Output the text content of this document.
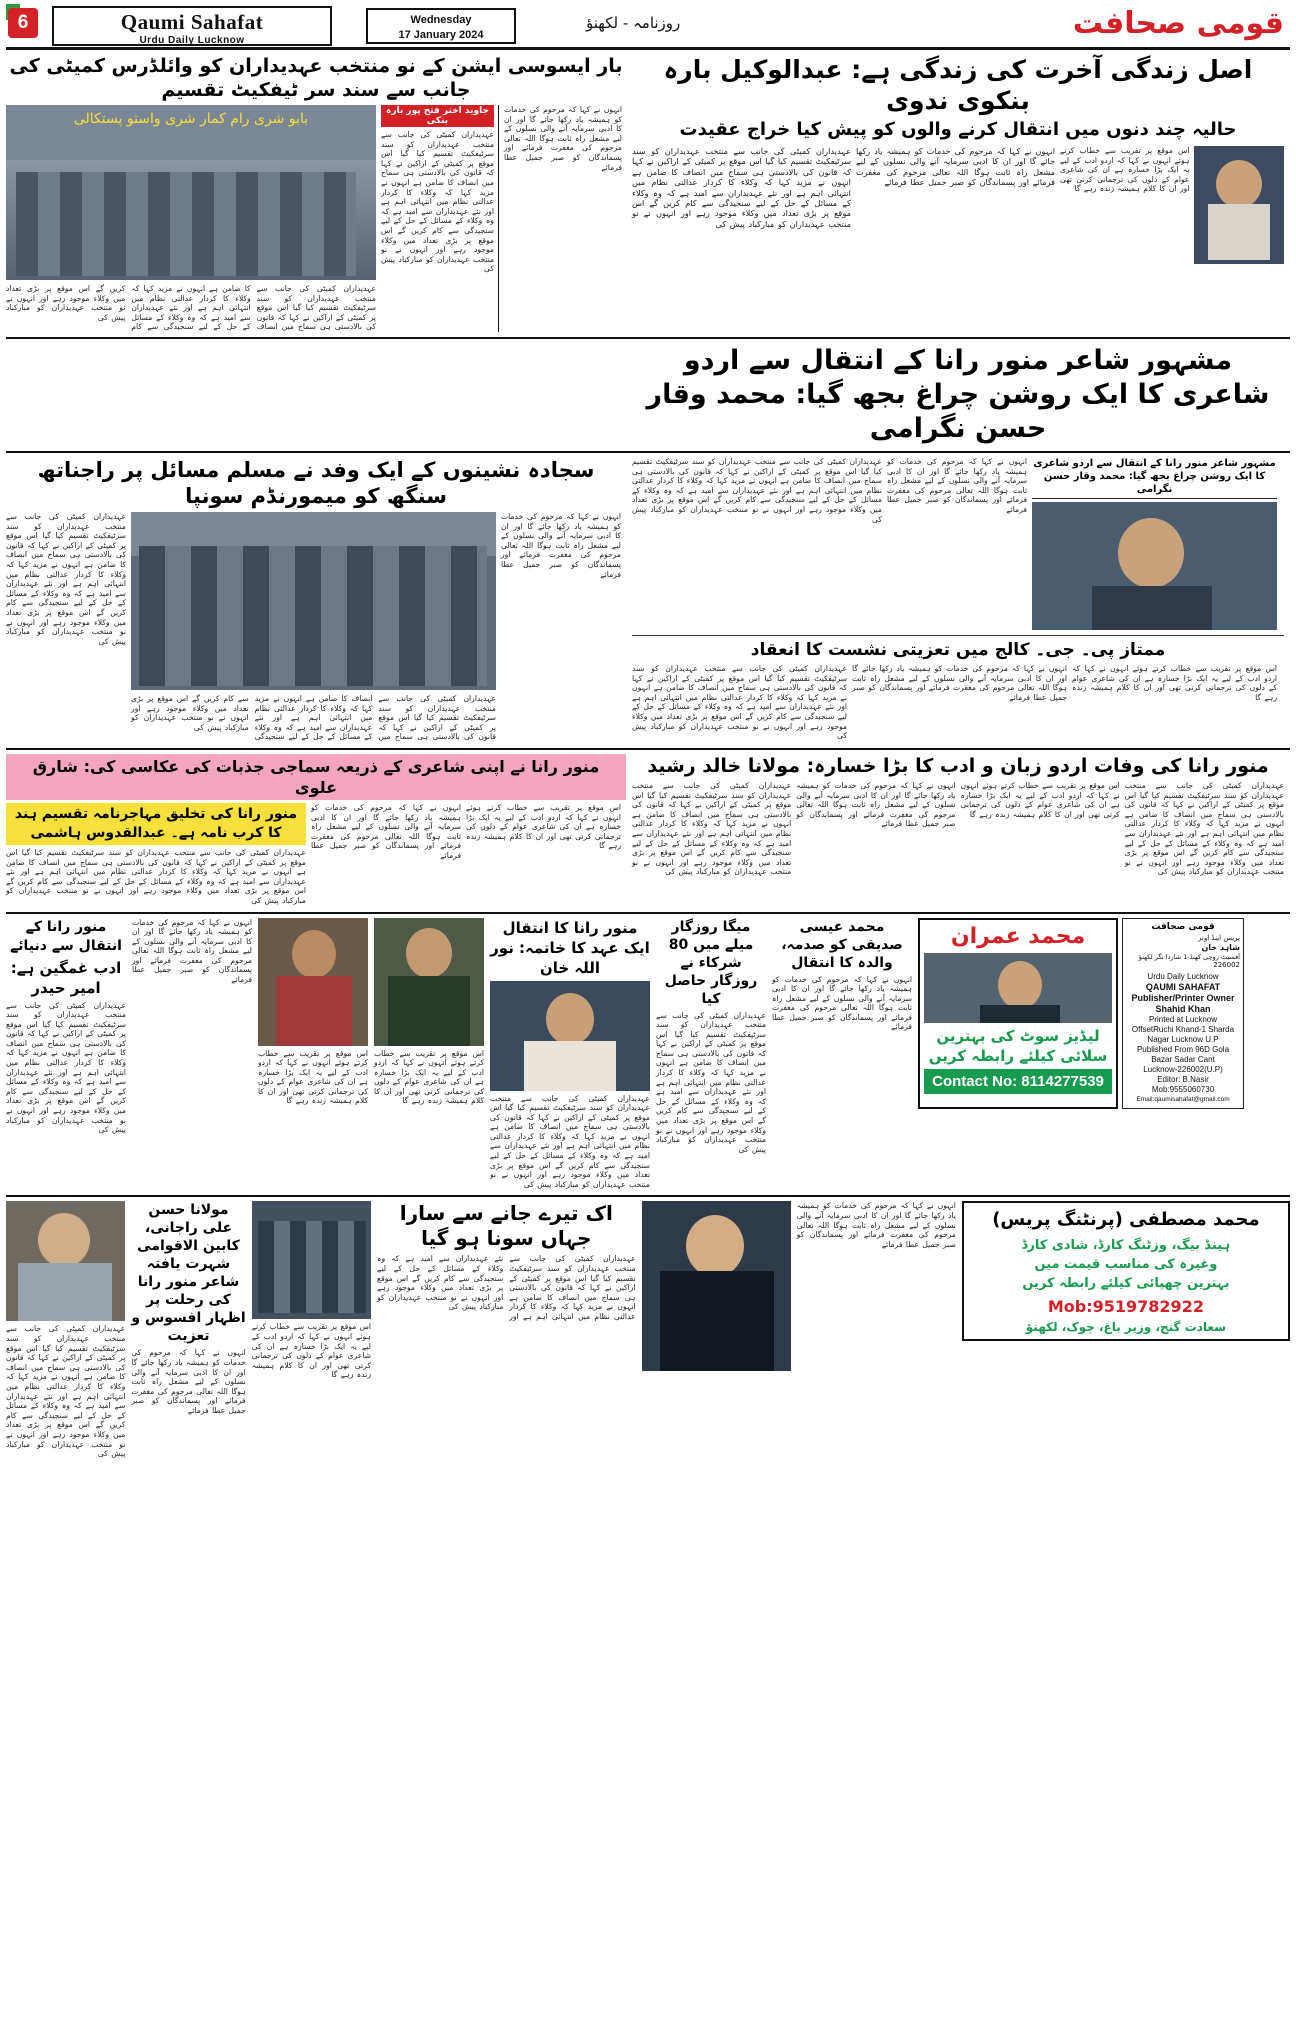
6	Qaumi Sahafat
Urdu Daily Lucknow
Wednesday
17 January 2024
روزنامہ - لکھنؤ	قومی صحافت
بار ایسوسی ایشن کے نو منتخب عہدیداران کو وائلڈرس کمیٹی کی جانب سے سند سر ٹیفکیٹ تقسیم
بابو شری رام کمار شری واستو پستکالی
عہدیداران کمیٹی کی جانب سے منتخب عہدیداران کو سند سرٹیفکیٹ تقسیم کیا گیا اس موقع پر کمیٹی کے اراکین نے کہا کہ قانون کی بالادستی ہی سماج میں انصاف کا ضامن ہے انہوں نے مزید کہا کہ وکلاء کا کردار عدالتی نظام میں انتہائی اہم ہے اور نئے عہدیداران سے امید ہے کہ وہ وکلاء کے مسائل کے حل کے لیے سنجیدگی سے کام کریں گے اس موقع پر بڑی تعداد میں وکلاء موجود رہے اور انہوں نے نو منتخب عہدیداران کو مبارکباد پیش کی
جاوید اختر فتح پور بارہ بنکی
عہدیداران کمیٹی کی جانب سے منتخب عہدیداران کو سند سرٹیفکیٹ تقسیم کیا گیا اس موقع پر کمیٹی کے اراکین نے کہا کہ قانون کی بالادستی ہی سماج میں انصاف کا ضامن ہے انہوں نے مزید کہا کہ وکلاء کا کردار عدالتی نظام میں انتہائی اہم ہے اور نئے عہدیداران سے امید ہے کہ وہ وکلاء کے مسائل کے حل کے لیے سنجیدگی سے کام کریں گے اس موقع پر بڑی تعداد میں وکلاء موجود رہے اور انہوں نے نو منتخب عہدیداران کو مبارکباد پیش کی
انہوں نے کہا کہ مرحوم کی خدمات کو ہمیشہ یاد رکھا جائے گا اور ان کا ادبی سرمایہ آنے والی نسلوں کے لیے مشعل راہ ثابت ہوگا اللہ تعالی مرحوم کی مغفرت فرمائے اور پسماندگان کو صبر جمیل عطا فرمائے
اصل زندگی آخرت کی زندگی ہے: عبدالوکیل بارہ بنکوی ندوی
حالیہ چند دنوں میں انتقال کرنے والوں کو پیش کیا خراج عقیدت
عہدیداران کمیٹی کی جانب سے منتخب عہدیداران کو سند سرٹیفکیٹ تقسیم کیا گیا اس موقع پر کمیٹی کے اراکین نے کہا کہ قانون کی بالادستی ہی سماج میں انصاف کا ضامن ہے انہوں نے مزید کہا کہ وکلاء کا کردار عدالتی نظام میں انتہائی اہم ہے اور نئے عہدیداران سے امید ہے کہ وہ وکلاء کے مسائل کے حل کے لیے سنجیدگی سے کام کریں گے اس موقع پر بڑی تعداد میں وکلاء موجود رہے اور انہوں نے نو منتخب عہدیداران کو مبارکباد پیش کی
انہوں نے کہا کہ مرحوم کی خدمات کو ہمیشہ یاد رکھا جائے گا اور ان کا ادبی سرمایہ آنے والی نسلوں کے لیے مشعل راہ ثابت ہوگا اللہ تعالی مرحوم کی مغفرت فرمائے اور پسماندگان کو صبر جمیل عطا فرمائے
اس موقع پر تقریب سے خطاب کرتے ہوئے انہوں نے کہا کہ اردو ادب کے لیے یہ ایک بڑا خسارہ ہے ان کی شاعری عوام کے دلوں کی ترجمانی کرتی تھی اور ان کا کلام ہمیشہ زندہ رہے گا
مشہور شاعر منور رانا کے انتقال سے اردو شاعری کا ایک روشن چراغ بجھ گیا: محمد وقار حسن نگرامی
سجادہ نشینوں کے ایک وفد نے مسلم مسائل پر راجناتھ سنگھ کو میمورنڈم سونپا
عہدیداران کمیٹی کی جانب سے منتخب عہدیداران کو سند سرٹیفکیٹ تقسیم کیا گیا اس موقع پر کمیٹی کے اراکین نے کہا کہ قانون کی بالادستی ہی سماج میں انصاف کا ضامن ہے انہوں نے مزید کہا کہ وکلاء کا کردار عدالتی نظام میں انتہائی اہم ہے اور نئے عہدیداران سے امید ہے کہ وہ وکلاء کے مسائل کے حل کے لیے سنجیدگی سے کام کریں گے اس موقع پر بڑی تعداد میں وکلاء موجود رہے اور انہوں نے نو منتخب عہدیداران کو مبارکباد پیش کی
عہدیداران کمیٹی کی جانب سے منتخب عہدیداران کو سند سرٹیفکیٹ تقسیم کیا گیا اس موقع پر کمیٹی کے اراکین نے کہا کہ قانون کی بالادستی ہی سماج میں انصاف کا ضامن ہے انہوں نے مزید کہا کہ وکلاء کا کردار عدالتی نظام میں انتہائی اہم ہے اور نئے عہدیداران سے امید ہے کہ وہ وکلاء کے مسائل کے حل کے لیے سنجیدگی سے کام کریں گے اس موقع پر بڑی تعداد میں وکلاء موجود رہے اور انہوں نے نو منتخب عہدیداران کو مبارکباد پیش کی
انہوں نے کہا کہ مرحوم کی خدمات کو ہمیشہ یاد رکھا جائے گا اور ان کا ادبی سرمایہ آنے والی نسلوں کے لیے مشعل راہ ثابت ہوگا اللہ تعالی مرحوم کی مغفرت فرمائے اور پسماندگان کو صبر جمیل عطا فرمائے
عہدیداران کمیٹی کی جانب سے منتخب عہدیداران کو سند سرٹیفکیٹ تقسیم کیا گیا اس موقع پر کمیٹی کے اراکین نے کہا کہ قانون کی بالادستی ہی سماج میں انصاف کا ضامن ہے انہوں نے مزید کہا کہ وکلاء کا کردار عدالتی نظام میں انتہائی اہم ہے اور نئے عہدیداران سے امید ہے کہ وہ وکلاء کے مسائل کے حل کے لیے سنجیدگی سے کام کریں گے اس موقع پر بڑی تعداد میں وکلاء موجود رہے اور انہوں نے نو منتخب عہدیداران کو مبارکباد پیش کی
انہوں نے کہا کہ مرحوم کی خدمات کو ہمیشہ یاد رکھا جائے گا اور ان کا ادبی سرمایہ آنے والی نسلوں کے لیے مشعل راہ ثابت ہوگا اللہ تعالی مرحوم کی مغفرت فرمائے اور پسماندگان کو صبر جمیل عطا فرمائے
مشہور شاعر منور رانا کے انتقال سے اردو شاعری کا ایک روشن چراغ بجھ گیا: محمد وقار حسن نگرامی
ممتاز پی۔ جی۔ کالج میں تعزیتی نشست کا انعقاد
عہدیداران کمیٹی کی جانب سے منتخب عہدیداران کو سند سرٹیفکیٹ تقسیم کیا گیا اس موقع پر کمیٹی کے اراکین نے کہا کہ قانون کی بالادستی ہی سماج میں انصاف کا ضامن ہے انہوں نے مزید کہا کہ وکلاء کا کردار عدالتی نظام میں انتہائی اہم ہے اور نئے عہدیداران سے امید ہے کہ وہ وکلاء کے مسائل کے حل کے لیے سنجیدگی سے کام کریں گے اس موقع پر بڑی تعداد میں وکلاء موجود رہے اور انہوں نے نو منتخب عہدیداران کو مبارکباد پیش کی
انہوں نے کہا کہ مرحوم کی خدمات کو ہمیشہ یاد رکھا جائے گا اور ان کا ادبی سرمایہ آنے والی نسلوں کے لیے مشعل راہ ثابت ہوگا اللہ تعالی مرحوم کی مغفرت فرمائے اور پسماندگان کو صبر جمیل عطا فرمائے
اس موقع پر تقریب سے خطاب کرتے ہوئے انہوں نے کہا کہ اردو ادب کے لیے یہ ایک بڑا خسارہ ہے ان کی شاعری عوام کے دلوں کی ترجمانی کرتی تھی اور ان کا کلام ہمیشہ زندہ رہے گا
منور رانا نے اپنی شاعری کے ذریعہ سماجی جذبات کی عکاسی کی: شارق علوی
منور رانا کی تخلیق مہاجرنامہ تقسیم ہند کا کرب نامہ ہے۔ عبدالقدوس ہاشمی
عہدیداران کمیٹی کی جانب سے منتخب عہدیداران کو سند سرٹیفکیٹ تقسیم کیا گیا اس موقع پر کمیٹی کے اراکین نے کہا کہ قانون کی بالادستی ہی سماج میں انصاف کا ضامن ہے انہوں نے مزید کہا کہ وکلاء کا کردار عدالتی نظام میں انتہائی اہم ہے اور نئے عہدیداران سے امید ہے کہ وہ وکلاء کے مسائل کے حل کے لیے سنجیدگی سے کام کریں گے اس موقع پر بڑی تعداد میں وکلاء موجود رہے اور انہوں نے نو منتخب عہدیداران کو مبارکباد پیش کی
انہوں نے کہا کہ مرحوم کی خدمات کو ہمیشہ یاد رکھا جائے گا اور ان کا ادبی سرمایہ آنے والی نسلوں کے لیے مشعل راہ ثابت ہوگا اللہ تعالی مرحوم کی مغفرت فرمائے اور پسماندگان کو صبر جمیل عطا فرمائے
اس موقع پر تقریب سے خطاب کرتے ہوئے انہوں نے کہا کہ اردو ادب کے لیے یہ ایک بڑا خسارہ ہے ان کی شاعری عوام کے دلوں کی ترجمانی کرتی تھی اور ان کا کلام ہمیشہ زندہ رہے گا
منور رانا کی وفات اردو زبان و ادب کا بڑا خسارہ: مولانا خالد رشید
عہدیداران کمیٹی کی جانب سے منتخب عہدیداران کو سند سرٹیفکیٹ تقسیم کیا گیا اس موقع پر کمیٹی کے اراکین نے کہا کہ قانون کی بالادستی ہی سماج میں انصاف کا ضامن ہے انہوں نے مزید کہا کہ وکلاء کا کردار عدالتی نظام میں انتہائی اہم ہے اور نئے عہدیداران سے امید ہے کہ وہ وکلاء کے مسائل کے حل کے لیے سنجیدگی سے کام کریں گے اس موقع پر بڑی تعداد میں وکلاء موجود رہے اور انہوں نے نو منتخب عہدیداران کو مبارکباد پیش کی
انہوں نے کہا کہ مرحوم کی خدمات کو ہمیشہ یاد رکھا جائے گا اور ان کا ادبی سرمایہ آنے والی نسلوں کے لیے مشعل راہ ثابت ہوگا اللہ تعالی مرحوم کی مغفرت فرمائے اور پسماندگان کو صبر جمیل عطا فرمائے
اس موقع پر تقریب سے خطاب کرتے ہوئے انہوں نے کہا کہ اردو ادب کے لیے یہ ایک بڑا خسارہ ہے ان کی شاعری عوام کے دلوں کی ترجمانی کرتی تھی اور ان کا کلام ہمیشہ زندہ رہے گا
عہدیداران کمیٹی کی جانب سے منتخب عہدیداران کو سند سرٹیفکیٹ تقسیم کیا گیا اس موقع پر کمیٹی کے اراکین نے کہا کہ قانون کی بالادستی ہی سماج میں انصاف کا ضامن ہے انہوں نے مزید کہا کہ وکلاء کا کردار عدالتی نظام میں انتہائی اہم ہے اور نئے عہدیداران سے امید ہے کہ وہ وکلاء کے مسائل کے حل کے لیے سنجیدگی سے کام کریں گے اس موقع پر بڑی تعداد میں وکلاء موجود رہے اور انہوں نے نو منتخب عہدیداران کو مبارکباد پیش کی
منور رانا کے انتقال سے دنیائے
ادب غمگین ہے: امیر حیدر
عہدیداران کمیٹی کی جانب سے منتخب عہدیداران کو سند سرٹیفکیٹ تقسیم کیا گیا اس موقع پر کمیٹی کے اراکین نے کہا کہ قانون کی بالادستی ہی سماج میں انصاف کا ضامن ہے انہوں نے مزید کہا کہ وکلاء کا کردار عدالتی نظام میں انتہائی اہم ہے اور نئے عہدیداران سے امید ہے کہ وہ وکلاء کے مسائل کے حل کے لیے سنجیدگی سے کام کریں گے اس موقع پر بڑی تعداد میں وکلاء موجود رہے اور انہوں نے نو منتخب عہدیداران کو مبارکباد پیش کی
انہوں نے کہا کہ مرحوم کی خدمات کو ہمیشہ یاد رکھا جائے گا اور ان کا ادبی سرمایہ آنے والی نسلوں کے لیے مشعل راہ ثابت ہوگا اللہ تعالی مرحوم کی مغفرت فرمائے اور پسماندگان کو صبر جمیل عطا فرمائے
اس موقع پر تقریب سے خطاب کرتے ہوئے انہوں نے کہا کہ اردو ادب کے لیے یہ ایک بڑا خسارہ ہے ان کی شاعری عوام کے دلوں کی ترجمانی کرتی تھی اور ان کا کلام ہمیشہ زندہ رہے گا
اس موقع پر تقریب سے خطاب کرتے ہوئے انہوں نے کہا کہ اردو ادب کے لیے یہ ایک بڑا خسارہ ہے ان کی شاعری عوام کے دلوں کی ترجمانی کرتی تھی اور ان کا کلام ہمیشہ زندہ رہے گا
منور رانا کا انتقال ایک عہد کا خاتمہ: نور اللہ خان
عہدیداران کمیٹی کی جانب سے منتخب عہدیداران کو سند سرٹیفکیٹ تقسیم کیا گیا اس موقع پر کمیٹی کے اراکین نے کہا کہ قانون کی بالادستی ہی سماج میں انصاف کا ضامن ہے انہوں نے مزید کہا کہ وکلاء کا کردار عدالتی نظام میں انتہائی اہم ہے اور نئے عہدیداران سے امید ہے کہ وہ وکلاء کے مسائل کے حل کے لیے سنجیدگی سے کام کریں گے اس موقع پر بڑی تعداد میں وکلاء موجود رہے اور انہوں نے نو منتخب عہدیداران کو مبارکباد پیش کی
میگا روزگار میلے میں 80 شرکاء نے روزگار حاصل کیا
عہدیداران کمیٹی کی جانب سے منتخب عہدیداران کو سند سرٹیفکیٹ تقسیم کیا گیا اس موقع پر کمیٹی کے اراکین نے کہا کہ قانون کی بالادستی ہی سماج میں انصاف کا ضامن ہے انہوں نے مزید کہا کہ وکلاء کا کردار عدالتی نظام میں انتہائی اہم ہے اور نئے عہدیداران سے امید ہے کہ وہ وکلاء کے مسائل کے حل کے لیے سنجیدگی سے کام کریں گے اس موقع پر بڑی تعداد میں وکلاء موجود رہے اور انہوں نے نو منتخب عہدیداران کو مبارکباد پیش کی
محمد عیسی صدیقی کو صدمہ، والدہ کا انتقال
انہوں نے کہا کہ مرحوم کی خدمات کو ہمیشہ یاد رکھا جائے گا اور ان کا ادبی سرمایہ آنے والی نسلوں کے لیے مشعل راہ ثابت ہوگا اللہ تعالی مرحوم کی مغفرت فرمائے اور پسماندگان کو صبر جمیل عطا فرمائے
محمد عمران
لیڈیز سوٹ کی بہترین
سلائی کیلئے رابطہ کریں
Contact No: 8114277539
قومی صحافت
پریس اینڈ اونر
شاہد خان
آفسیٹ روچی کھنڈ-1 شاردا نگر لکھنؤ
226002
Urdu Daily Lucknow
QAUMI SAHAFAT
Publisher/Printer Owner
Shahid Khan
Printed at Lucknow
OffsetRuchi Khand-1 Sharda
Nagar Lucknow U.P
Published From 96D Gola
Bazar Sadar Cant
Lucknow-226002(U.P)
Editor: B.Nasir
Mob:9555060730
Email:qaumisahafat@gmail.com
عہدیداران کمیٹی کی جانب سے منتخب عہدیداران کو سند سرٹیفکیٹ تقسیم کیا گیا اس موقع پر کمیٹی کے اراکین نے کہا کہ قانون کی بالادستی ہی سماج میں انصاف کا ضامن ہے انہوں نے مزید کہا کہ وکلاء کا کردار عدالتی نظام میں انتہائی اہم ہے اور نئے عہدیداران سے امید ہے کہ وہ وکلاء کے مسائل کے حل کے لیے سنجیدگی سے کام کریں گے اس موقع پر بڑی تعداد میں وکلاء موجود رہے اور انہوں نے نو منتخب عہدیداران کو مبارکباد پیش کی
مولانا حسن علی راجانی، کابین الاقوامی شہرت یافتہ شاعر منور رانا کی رحلت پر اظہار افسوس و تعزیت
انہوں نے کہا کہ مرحوم کی خدمات کو ہمیشہ یاد رکھا جائے گا اور ان کا ادبی سرمایہ آنے والی نسلوں کے لیے مشعل راہ ثابت ہوگا اللہ تعالی مرحوم کی مغفرت فرمائے اور پسماندگان کو صبر جمیل عطا فرمائے
اس موقع پر تقریب سے خطاب کرتے ہوئے انہوں نے کہا کہ اردو ادب کے لیے یہ ایک بڑا خسارہ ہے ان کی شاعری عوام کے دلوں کی ترجمانی کرتی تھی اور ان کا کلام ہمیشہ زندہ رہے گا
اک تیرے جانے سے سارا جہاں سونا ہو گیا
عہدیداران کمیٹی کی جانب سے منتخب عہدیداران کو سند سرٹیفکیٹ تقسیم کیا گیا اس موقع پر کمیٹی کے اراکین نے کہا کہ قانون کی بالادستی ہی سماج میں انصاف کا ضامن ہے انہوں نے مزید کہا کہ وکلاء کا کردار عدالتی نظام میں انتہائی اہم ہے اور نئے عہدیداران سے امید ہے کہ وہ وکلاء کے مسائل کے حل کے لیے سنجیدگی سے کام کریں گے اس موقع پر بڑی تعداد میں وکلاء موجود رہے اور انہوں نے نو منتخب عہدیداران کو مبارکباد پیش کی
انہوں نے کہا کہ مرحوم کی خدمات کو ہمیشہ یاد رکھا جائے گا اور ان کا ادبی سرمایہ آنے والی نسلوں کے لیے مشعل راہ ثابت ہوگا اللہ تعالی مرحوم کی مغفرت فرمائے اور پسماندگان کو صبر جمیل عطا فرمائے
محمد مصطفی (پرنٹنگ پریس)
ہینڈ بیگ، وزٹنگ کارڈ، شادی کارڈ
وغیرہ کی مناسب قیمت میں
بہترین چھپائی کیلئے رابطہ کریں
Mob:9519782922
سعادت گنج، وزیر باغ، چوک، لکھنؤ
